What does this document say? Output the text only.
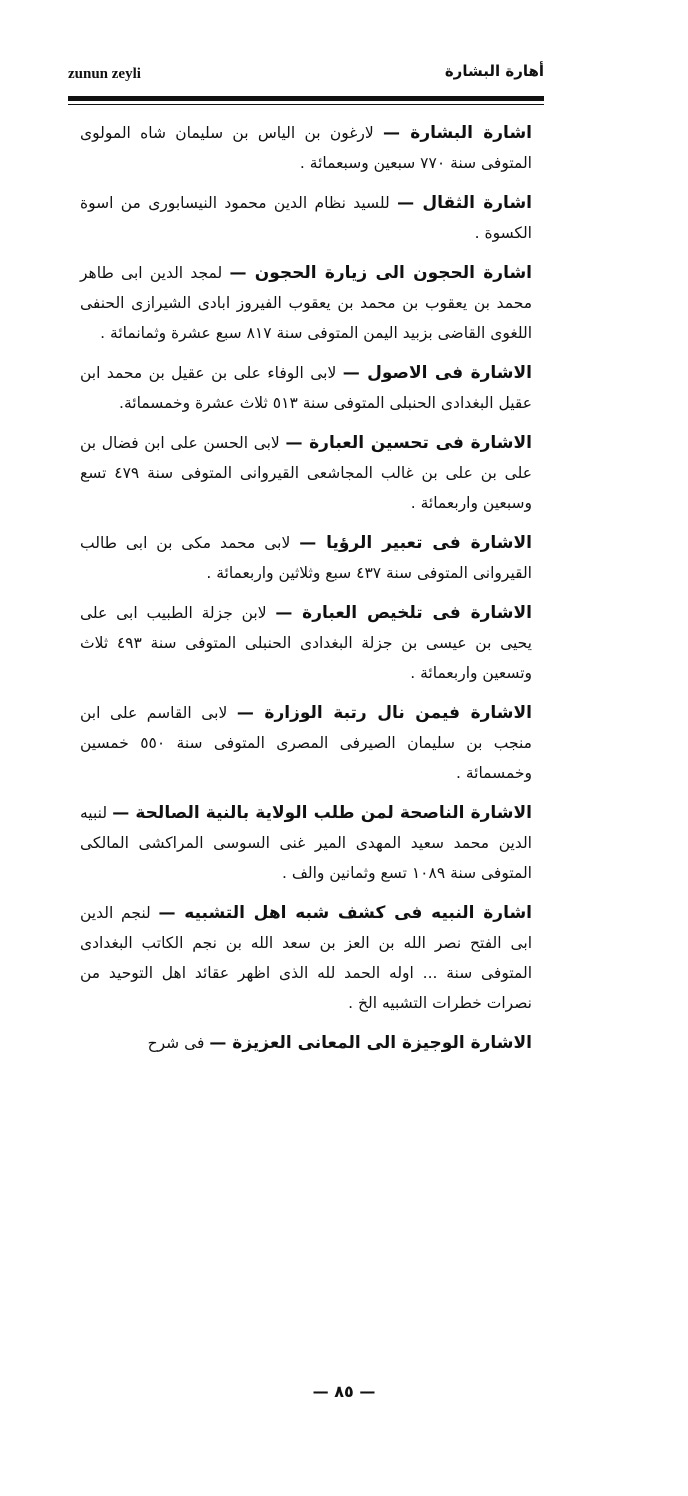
zunun zeyli	أهارة البشارة

اشارة البشارة — لارغون بن الياس بن سليمان شاه المولوى المتوفى سنة ٧٧٠ سبعين وسبعمائة .

اشارة الثقال — للسيد نظام الدين محمود النيسابورى من اسوة الكسوة .

اشارة الحجون الى زيارة الحجون — لمجد الدين ابى طاهر محمد بن يعقوب بن محمد بن يعقوب الفيروز ابادى الشيرازى الحنفى اللغوى القاضى بزبيد اليمن المتوفى سنة ٨١٧ سبع عشرة وثمانمائة .

الاشارة فى الاصول — لابى الوفاء على بن عقيل بن محمد ابن عقيل البغدادى الحنبلى المتوفى سنة ٥١٣ ثلاث عشرة وخمسمائة.

الاشارة فى تحسين العبارة — لابى الحسن على ابن فضال بن على بن على بن غالب المجاشعى القيروانى المتوفى سنة ٤٧٩ تسع وسبعين واربعمائة .

الاشارة فى تعبير الرؤيا — لابى محمد مكى بن ابى طالب القيروانى المتوفى سنة ٤٣٧ سبع وثلاثين واربعمائة .

الاشارة فى تلخيص العبارة — لابن جزلة الطبيب ابى على يحيى بن عيسى بن جزلة البغدادى الحنبلى المتوفى سنة ٤٩٣ ثلاث وتسعين واربعمائة .

الاشارة فيمن نال رتبة الوزارة — لابى القاسم على ابن منجب بن سليمان الصيرفى المصرى المتوفى سنة ٥٥٠ خمسين وخمسمائة .

الاشارة الناصحة لمن طلب الولاية بالنية الصالحة — لنبيه الدين محمد سعيد المهدى المير غنى السوسى المراكشى المالكى المتوفى سنة ١٠٨٩ تسع وثمانين والف .

اشارة النبيه فى كشف شبه اهل التشبيه — لنجم الدين ابى الفتح نصر الله بن العز بن سعد الله بن نجم الكاتب البغدادى المتوفى سنة ... اوله الحمد لله الذى اظهر عقائد اهل التوحيد من نصرات خطرات التشبيه الخ .

الاشارة الوجيزة الى المعانى العزيزة — فى شرح

— ٨٥ —
